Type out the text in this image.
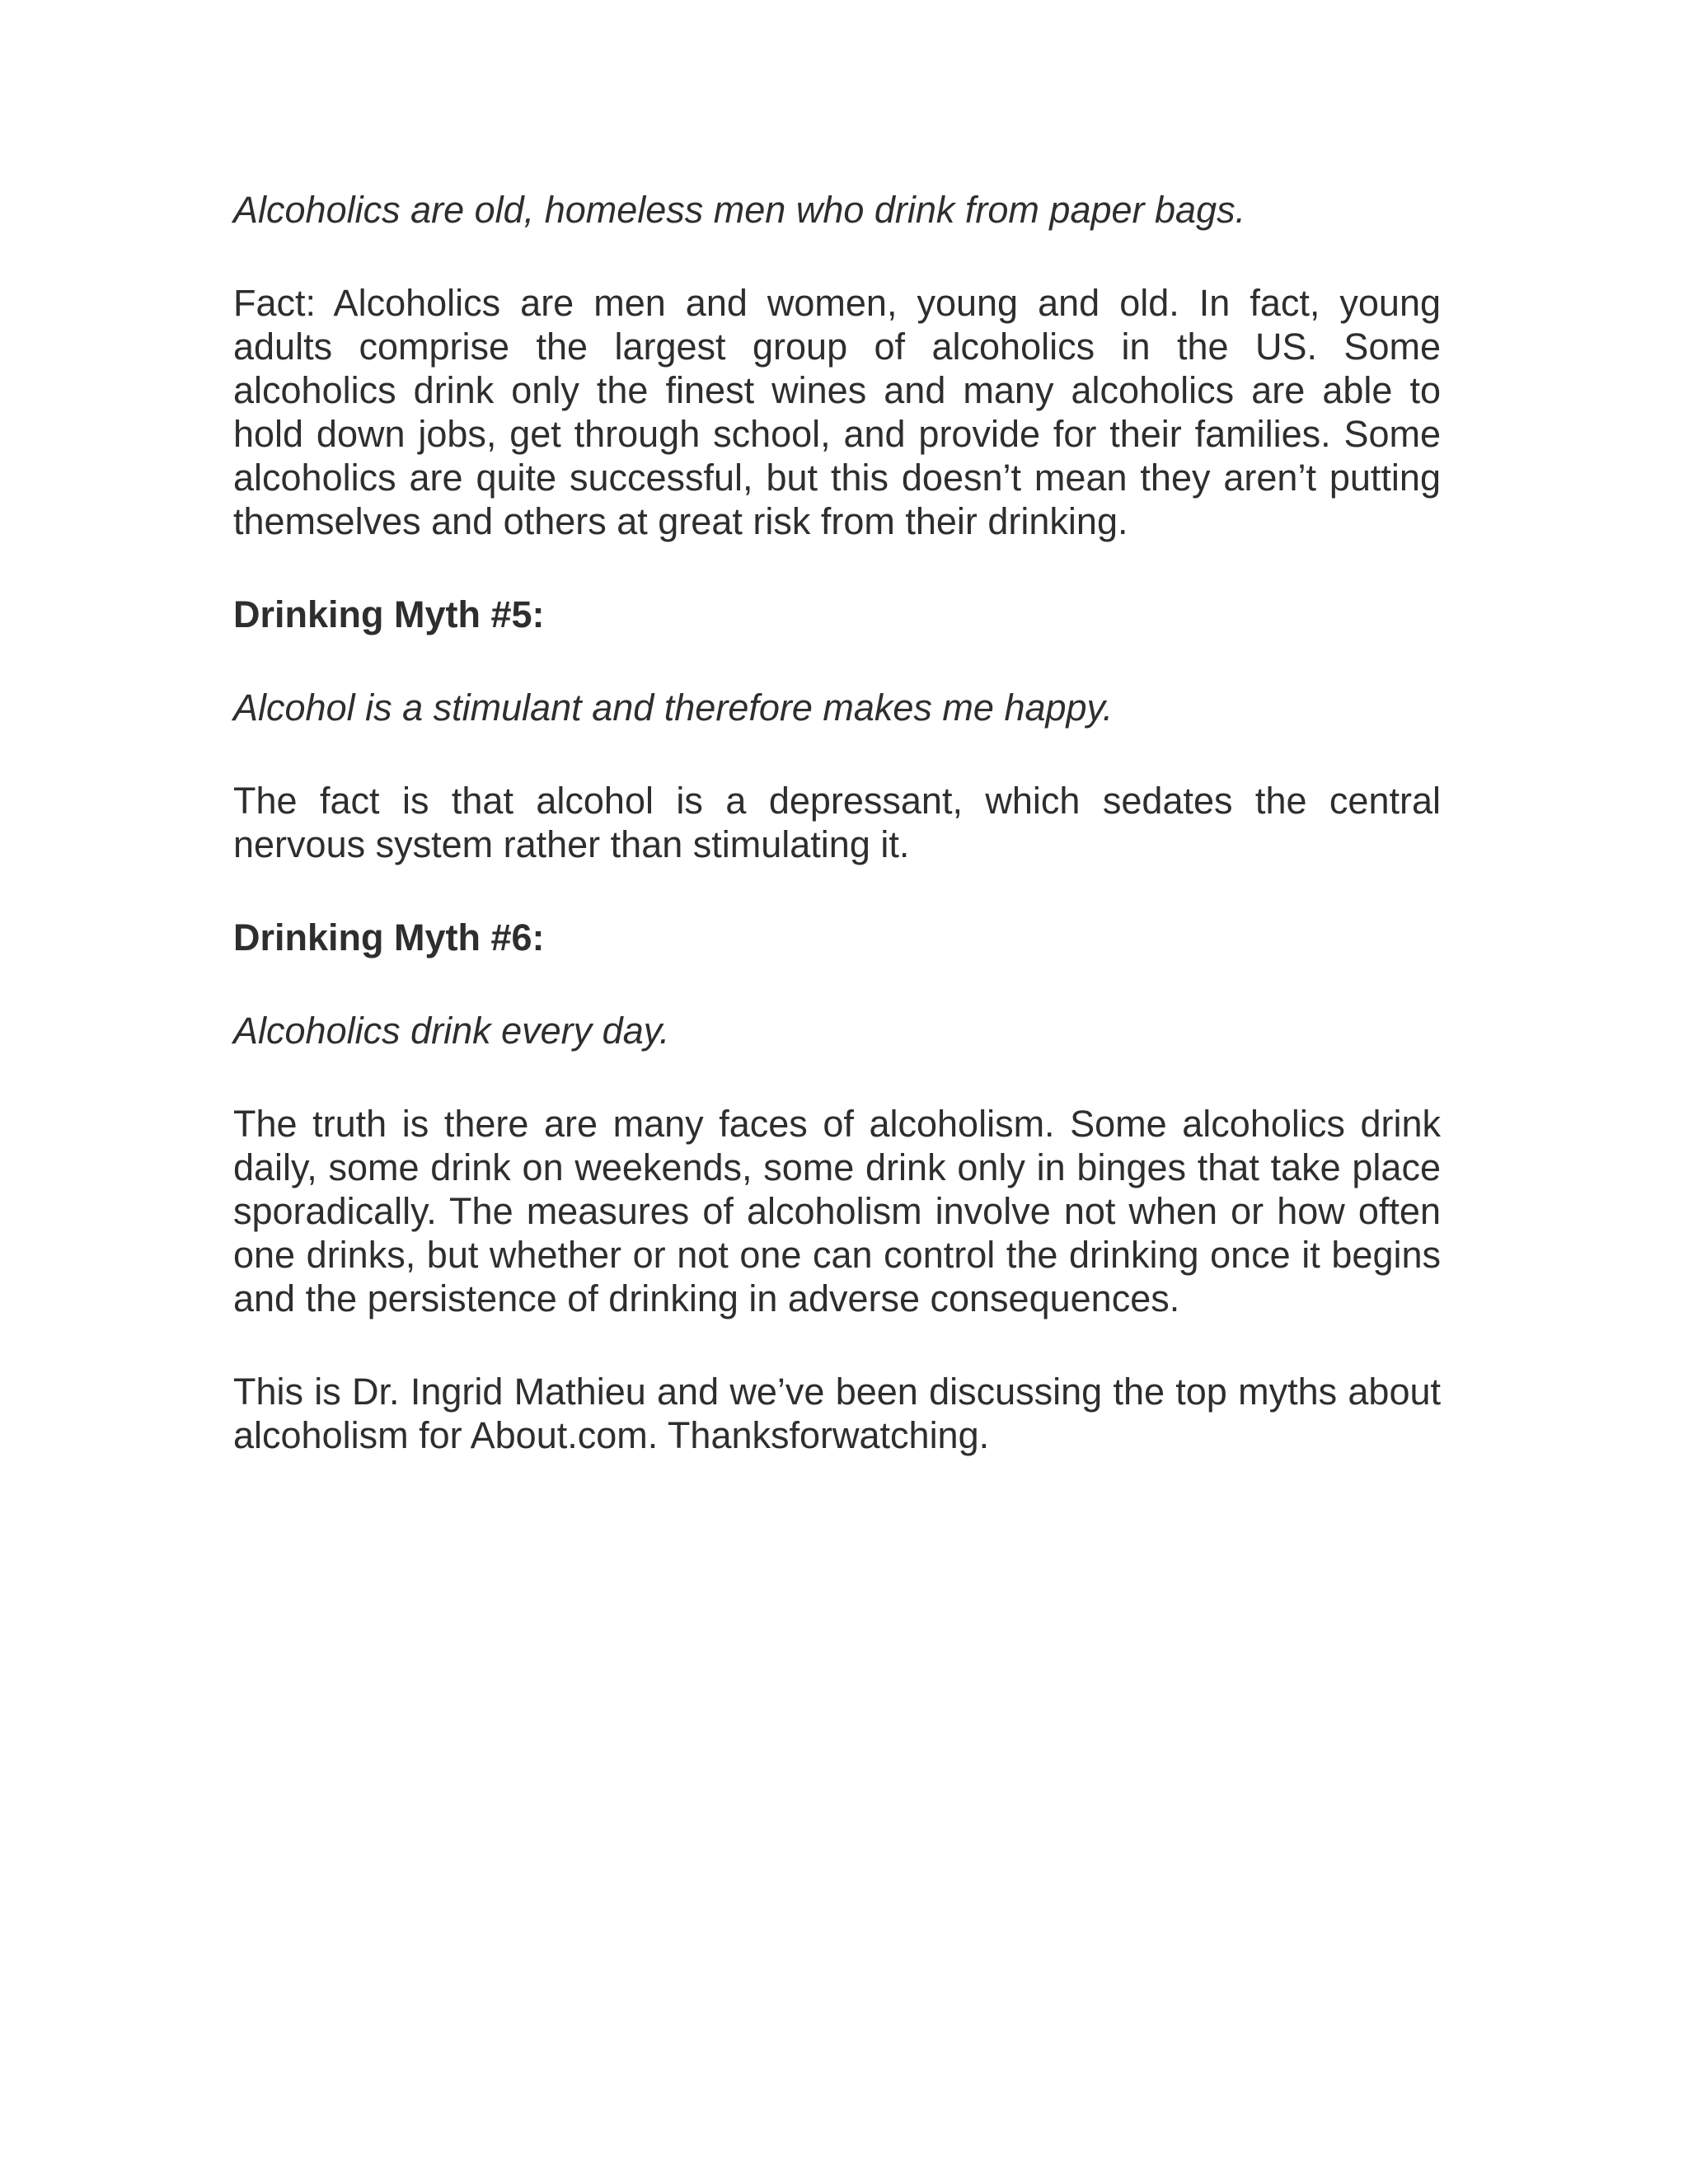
Alcoholics are old, homeless men who drink from paper bags.

Fact: Alcoholics are men and women, young and old. In fact, young adults comprise the largest group of alcoholics in the US. Some alcoholics drink only the finest wines and many alcoholics are able to hold down jobs, get through school, and provide for their families. Some alcoholics are quite successful, but this doesn’t mean they aren’t putting themselves and others at great risk from their drinking.

Drinking Myth #5:

Alcohol is a stimulant and therefore makes me happy.

The fact is that alcohol is a depressant, which sedates the central nervous system rather than stimulating it.

Drinking Myth #6:

Alcoholics drink every day.

The truth is there are many faces of alcoholism. Some alcoholics drink daily, some drink on weekends, some drink only in binges that take place sporadically. The measures of alcoholism involve not when or how often one drinks, but whether or not one can control the drinking once it begins and the persistence of drinking in adverse consequences.

This is Dr. Ingrid Mathieu and we’ve been discussing the top myths about alcoholism for About.com. Thanksforwatching.
